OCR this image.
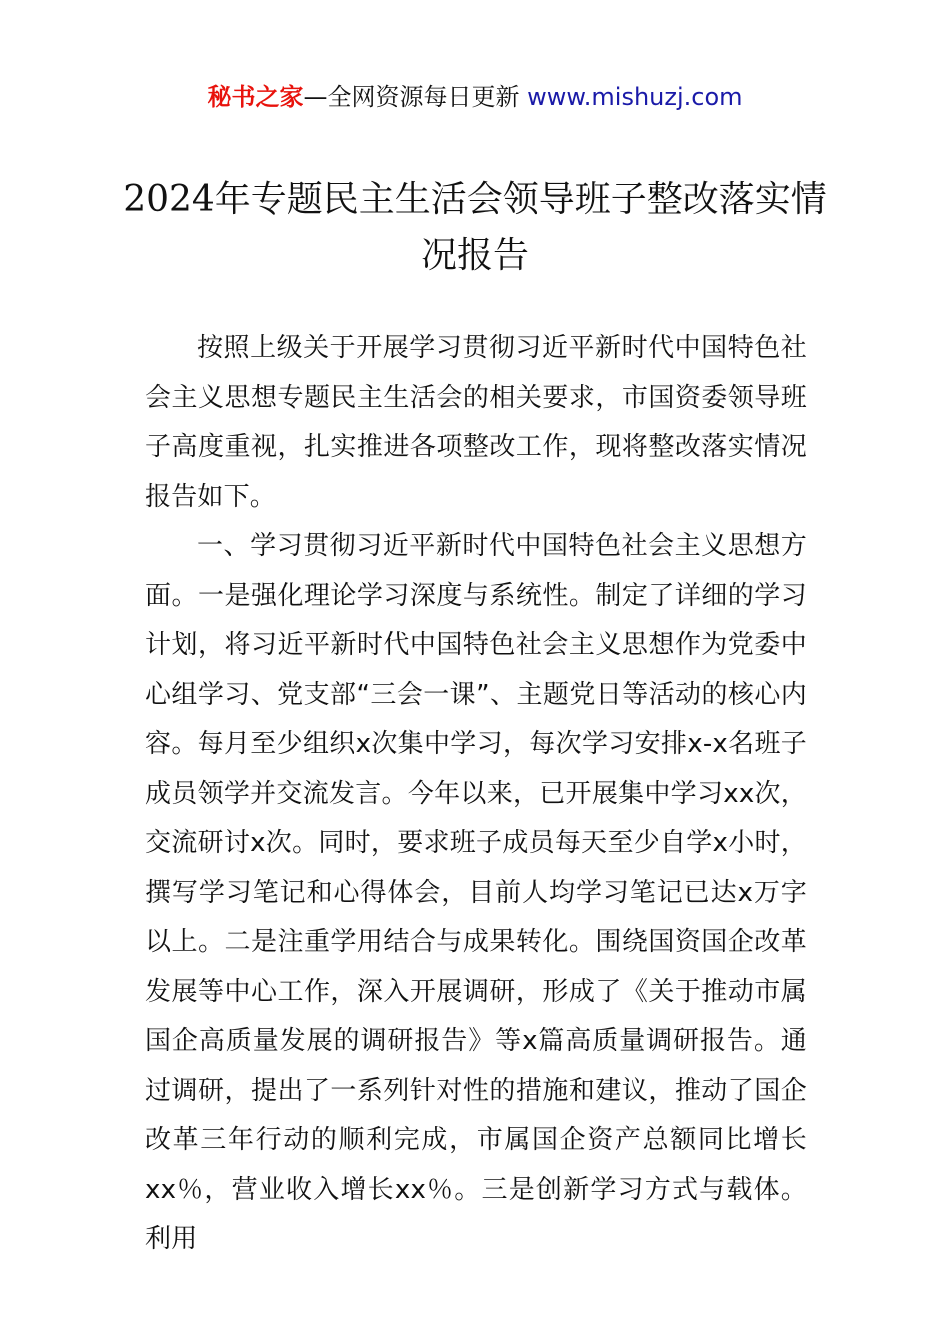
秘书之家—全网资源每日更新 www.mishuzj.com
2024年专题民主生活会领导班子整改落实情况报告

按照上级关于开展学习贯彻习近平新时代中国特色社会主义思想专题民主生活会的相关要求，市国资委领导班子高度重视，扎实推进各项整改工作，现将整改落实情况报告如下。

一、学习贯彻习近平新时代中国特色社会主义思想方面。一是强化理论学习深度与系统性。制定了详细的学习计划，将习近平新时代中国特色社会主义思想作为党委中心组学习、党支部“三会一课”、主题党日等活动的核心内容。每月至少组织x次集中学习，每次学习安排x-x名班子成员领学并交流发言。今年以来，已开展集中学习xx次，交流研讨x次。同时，要求班子成员每天至少自学x小时，撰写学习笔记和心得体会，目前人均学习笔记已达x万字以上。二是注重学用结合与成果转化。围绕国资国企改革发展等中心工作，深入开展调研，形成了《关于推动市属国企高质量发展的调研报告》等x篇高质量调研报告。通过调研，提出了一系列针对性的措施和建议，推动了国企改革三年行动的顺利完成，市属国企资产总额同比增长xx％，营业收入增长xx％。三是创新学习方式与载体。利用
